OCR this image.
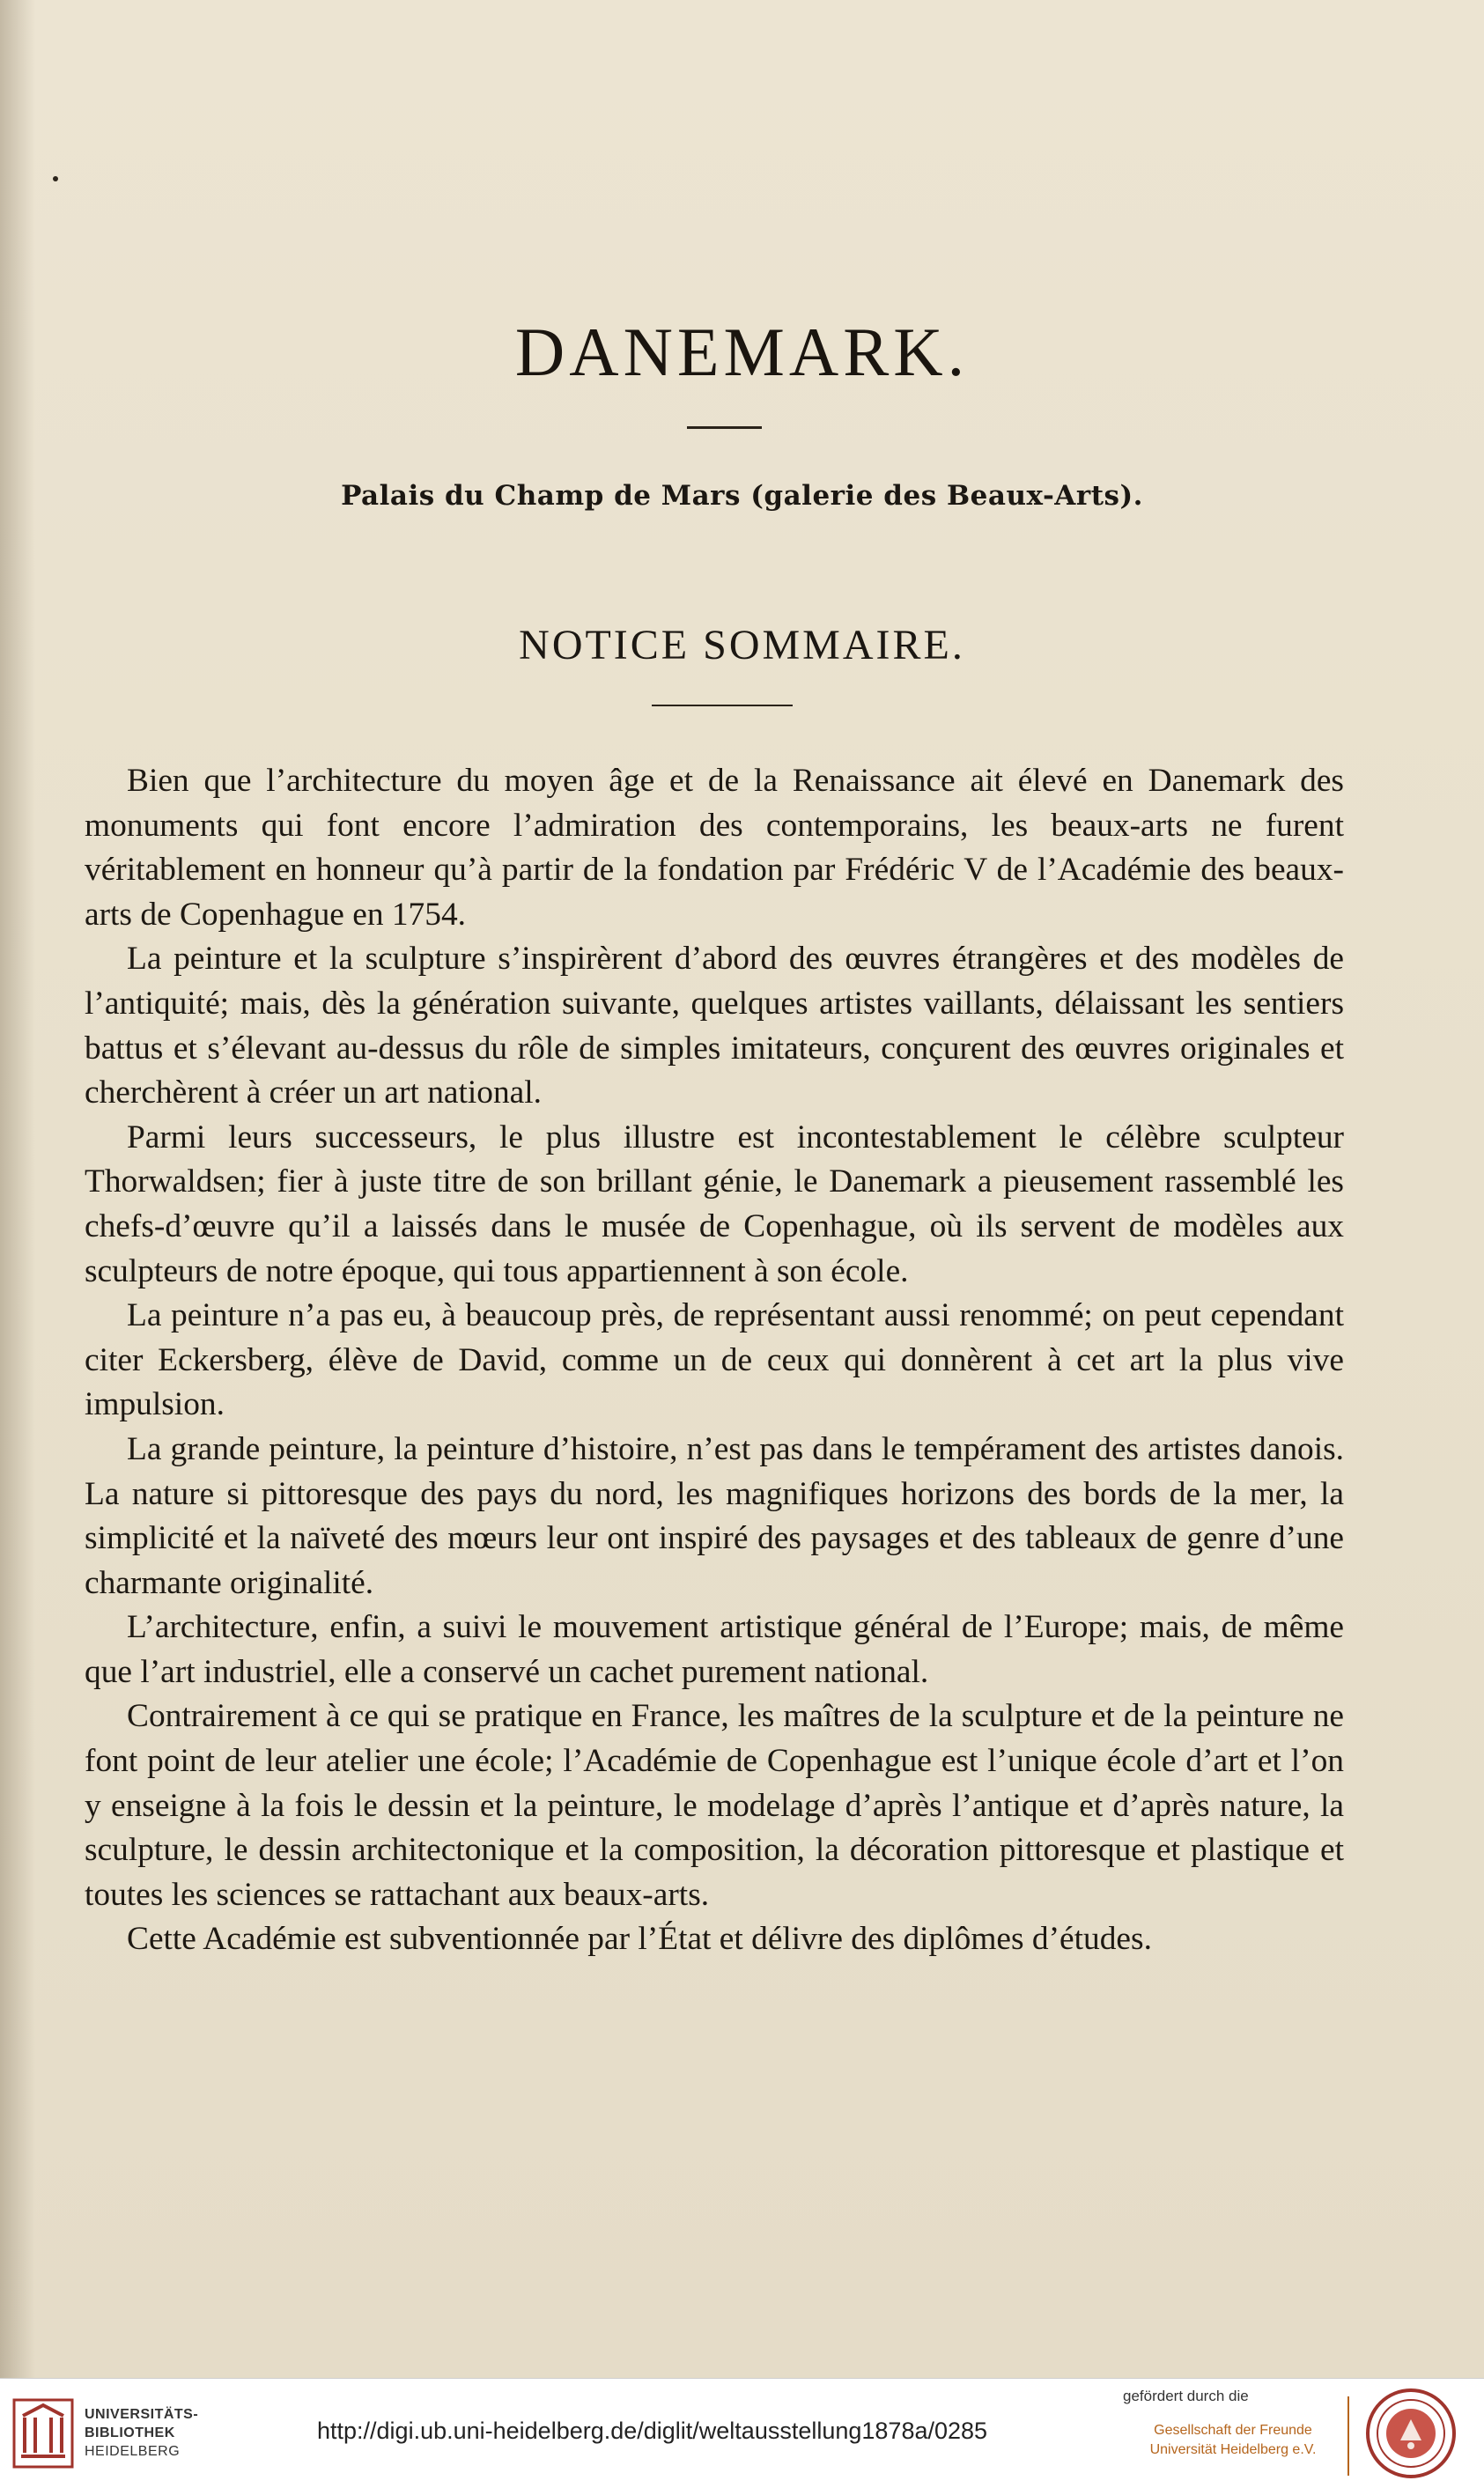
DANEMARK.
Palais du Champ de Mars (galerie des Beaux-Arts).
NOTICE SOMMAIRE.

Bien que l’architecture du moyen âge et de la Renaissance ait élevé en Danemark des monuments qui font encore l’admiration des contemporains, les beaux-arts ne furent véritablement en honneur qu’à partir de la fondation par Frédéric V de l’Académie des beaux-arts de Copenhague en 1754.

La peinture et la sculpture s’inspirèrent d’abord des œuvres étrangères et des modèles de l’antiquité; mais, dès la génération suivante, quelques artistes vaillants, délaissant les sentiers battus et s’élevant au-dessus du rôle de simples imitateurs, conçurent des œuvres originales et cherchèrent à créer un art national.

Parmi leurs successeurs, le plus illustre est incontestablement le célèbre sculpteur Thorwaldsen; fier à juste titre de son brillant génie, le Danemark a pieusement rassemblé les chefs-d’œuvre qu’il a laissés dans le musée de Copenhague, où ils servent de modèles aux sculpteurs de notre époque, qui tous appartiennent à son école.

La peinture n’a pas eu, à beaucoup près, de représentant aussi renommé; on peut cependant citer Eckersberg, élève de David, comme un de ceux qui donnèrent à cet art la plus vive impulsion.

La grande peinture, la peinture d’histoire, n’est pas dans le tempérament des artistes danois. La nature si pittoresque des pays du nord, les magnifiques horizons des bords de la mer, la simplicité et la naïveté des mœurs leur ont inspiré des paysages et des tableaux de genre d’une charmante originalité.

L’architecture, enfin, a suivi le mouvement artistique général de l’Europe; mais, de même que l’art industriel, elle a conservé un cachet purement national.

Contrairement à ce qui se pratique en France, les maîtres de la sculpture et de la peinture ne font point de leur atelier une école; l’Académie de Copenhague est l’unique école d’art et l’on y enseigne à la fois le dessin et la peinture, le modelage d’après l’antique et d’après nature, la sculpture, le dessin architectonique et la composition, la décoration pittoresque et plastique et toutes les sciences se rattachant aux beaux-arts.

Cette Académie est subventionnée par l’État et délivre des diplômes d’études.

UNIVERSITÄTS-
BIBLIOTHEK
HEIDELBERG
http://digi.ub.uni-heidelberg.de/diglit/weltausstellung1878a/0285
gefördert durch die
Gesellschaft der Freunde
Universität Heidelberg e.V.
